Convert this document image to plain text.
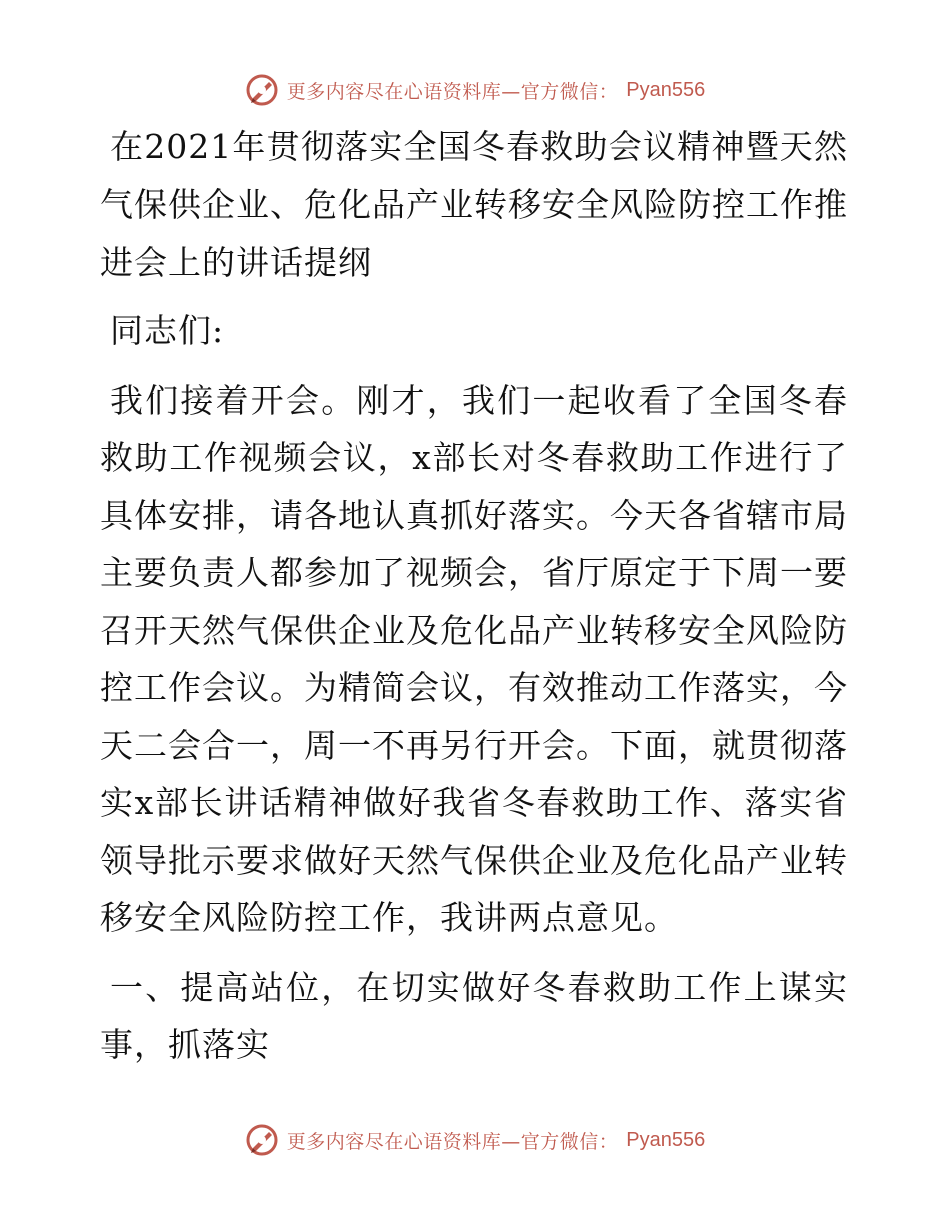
更多内容尽在心语资料库—官方微信： Pyan556
在2021年贯彻落实全国冬春救助会议精神暨天然气保供企业、危化品产业转移安全风险防控工作推进会上的讲话提纲

同志们:

我们接着开会。刚才，我们一起收看了全国冬春救助工作视频会议，x部长对冬春救助工作进行了具体安排，请各地认真抓好落实。今天各省辖市局主要负责人都参加了视频会，省厅原定于下周一要召开天然气保供企业及危化品产业转移安全风险防控工作会议。为精简会议，有效推动工作落实，今天二会合一，周一不再另行开会。下面，就贯彻落实x部长讲话精神做好我省冬春救助工作、落实省领导批示要求做好天然气保供企业及危化品产业转移安全风险防控工作，我讲两点意见。

一、提高站位，在切实做好冬春救助工作上谋实事，抓落实

更多内容尽在心语资料库—官方微信： Pyan556
